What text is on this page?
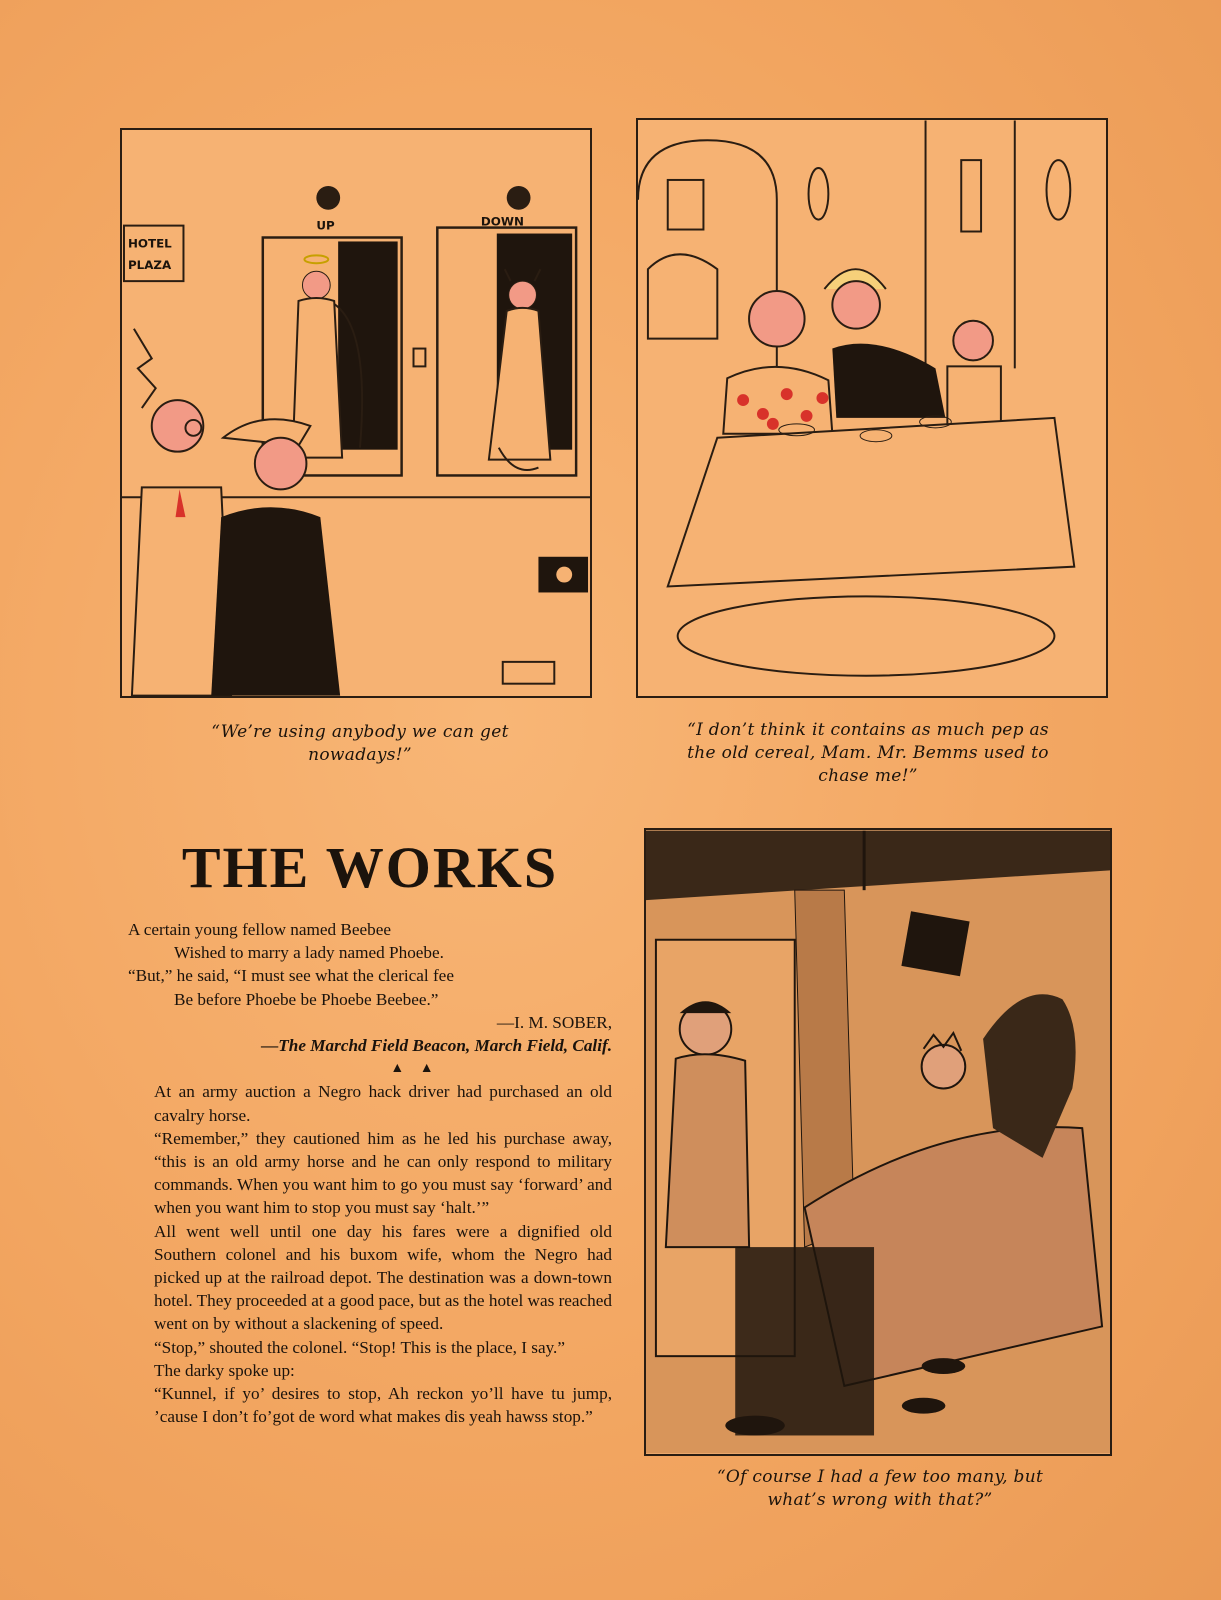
HOTEL
PLAZA
UP	DOWN
“We’re using anybody we can get
nowadays!”
“I don’t think it contains as much pep as
the old cereal, Mam. Mr. Bemms used to
chase me!”
THE WORKS

A certain young fellow named Beebee

Wished to marry a lady named Phoebe.

“But,” he said, “I must see what the clerical fee

Be before Phoebe be Phoebe Beebee.”

—I. M. SOBER,

—The Marchd Field Beacon, March Field, Calif.

▲ ▲

At an army auction a Negro hack driver had purchased an old cavalry horse.

“Remember,” they cautioned him as he led his purchase away, “this is an old army horse and he can only respond to military commands. When you want him to go you must say ‘forward’ and when you want him to stop you must say ‘halt.’”

All went well until one day his fares were a dignified old Southern colonel and his buxom wife, whom the Negro had picked up at the railroad depot. The destination was a down-town hotel. They proceeded at a good pace, but as the hotel was reached went on by without a slackening of speed.

“Stop,” shouted the colonel. “Stop! This is the place, I say.”

The darky spoke up:

“Kunnel, if yo’ desires to stop, Ah reckon yo’ll have tu jump, ’cause I don’t fo’got de word what makes dis yeah hawss stop.”

“Of course I had a few too many, but
what’s wrong with that?”
